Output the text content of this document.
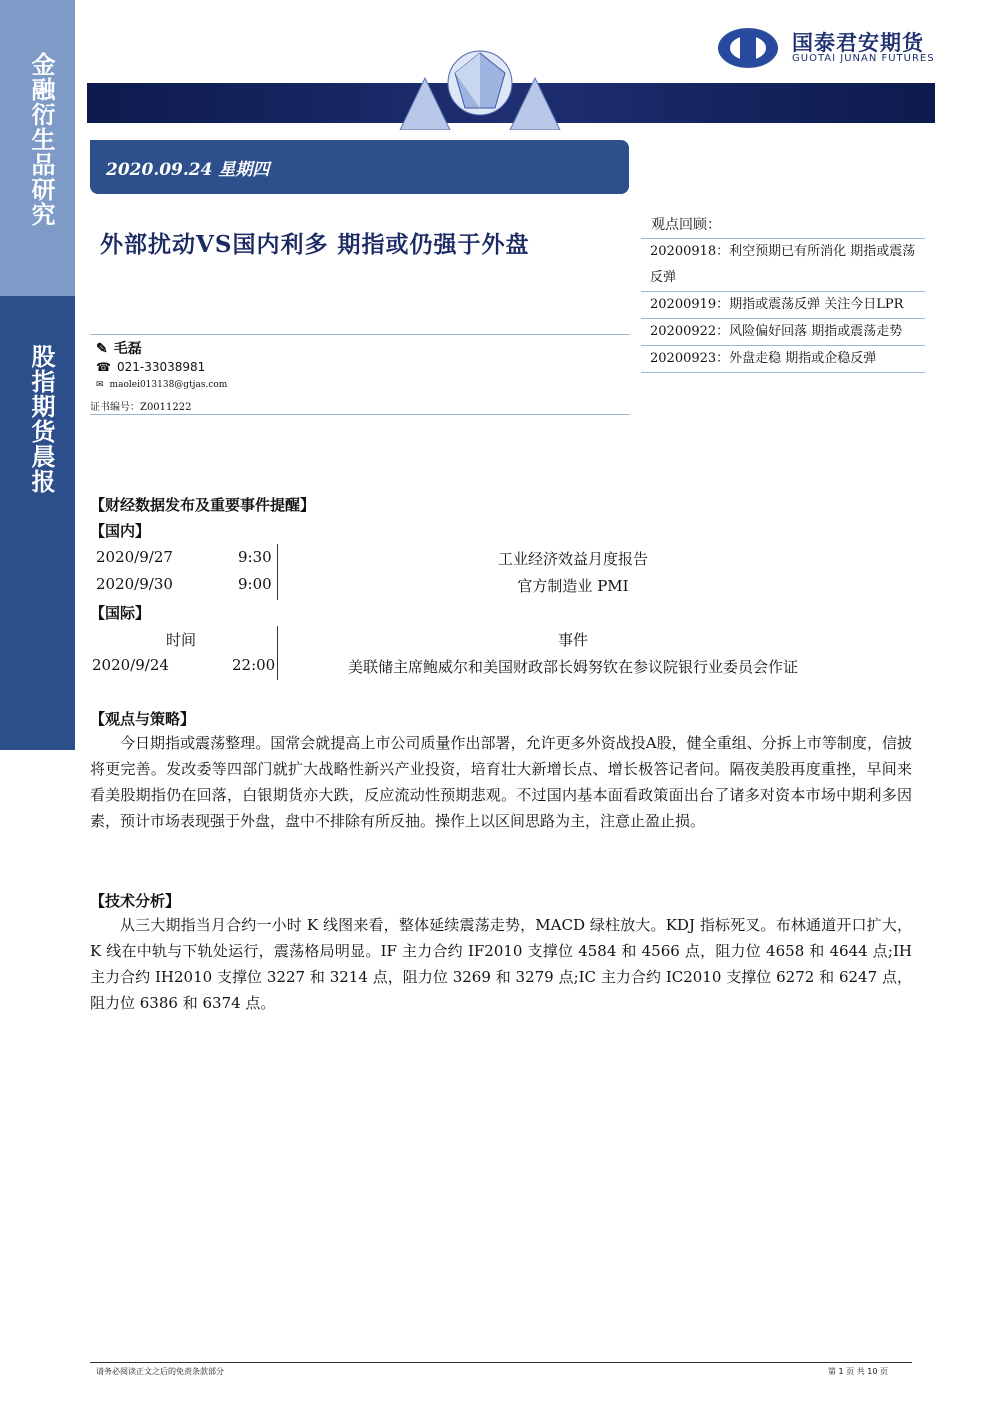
金融衍生品研究
股指期货晨报
国泰君安期货
GUOTAI JUNAN FUTURES
2020.09.24 星期四
外部扰动VS国内利多 期指或仍强于外盘
✎ 毛磊
☎ 021-33038981
✉ maolei013138@gtjas.com
证书编号：Z0011222
观点回顾：
20200918：利空预期已有所消化 期指或震荡反弹
20200919：期指或震荡反弹 关注今日LPR
20200922：风险偏好回落 期指或震荡走势
20200923：外盘走稳 期指或企稳反弹
【财经数据发布及重要事件提醒】
【国内】
2020/9/27	9:30	工业经济效益月度报告
2020/9/30	9:00	官方制造业 PMI
【国际】
时间	事件
2020/9/24	22:00	美联储主席鲍威尔和美国财政部长姆努钦在参议院银行业委员会作证
【观点与策略】

今日期指或震荡整理。国常会就提高上市公司质量作出部署，允许更多外资战投A股，健全重组、分拆上市等制度，信披将更完善。发改委等四部门就扩大战略性新兴产业投资，培育壮大新增长点、增长极答记者问。隔夜美股再度重挫，早间来看美股期指仍在回落，白银期货亦大跌，反应流动性预期悲观。不过国内基本面看政策面出台了诸多对资本市场中期利多因素，预计市场表现强于外盘，盘中不排除有所反抽。操作上以区间思路为主，注意止盈止损。

【技术分析】

从三大期指当月合约一小时 K 线图来看，整体延续震荡走势，MACD 绿柱放大。KDJ 指标死叉。布林通道开口扩大，K 线在中轨与下轨处运行，震荡格局明显。IF 主力合约 IF2010 支撑位 4584 和 4566 点，阻力位 4658 和 4644 点;IH 主力合约 IH2010 支撑位 3227 和 3214 点，阻力位 3269 和 3279 点;IC 主力合约 IC2010 支撑位 6272 和 6247 点，阻力位 6386 和 6374 点。

请务必阅读正文之后的免责条款部分	第 1 页 共 10 页
